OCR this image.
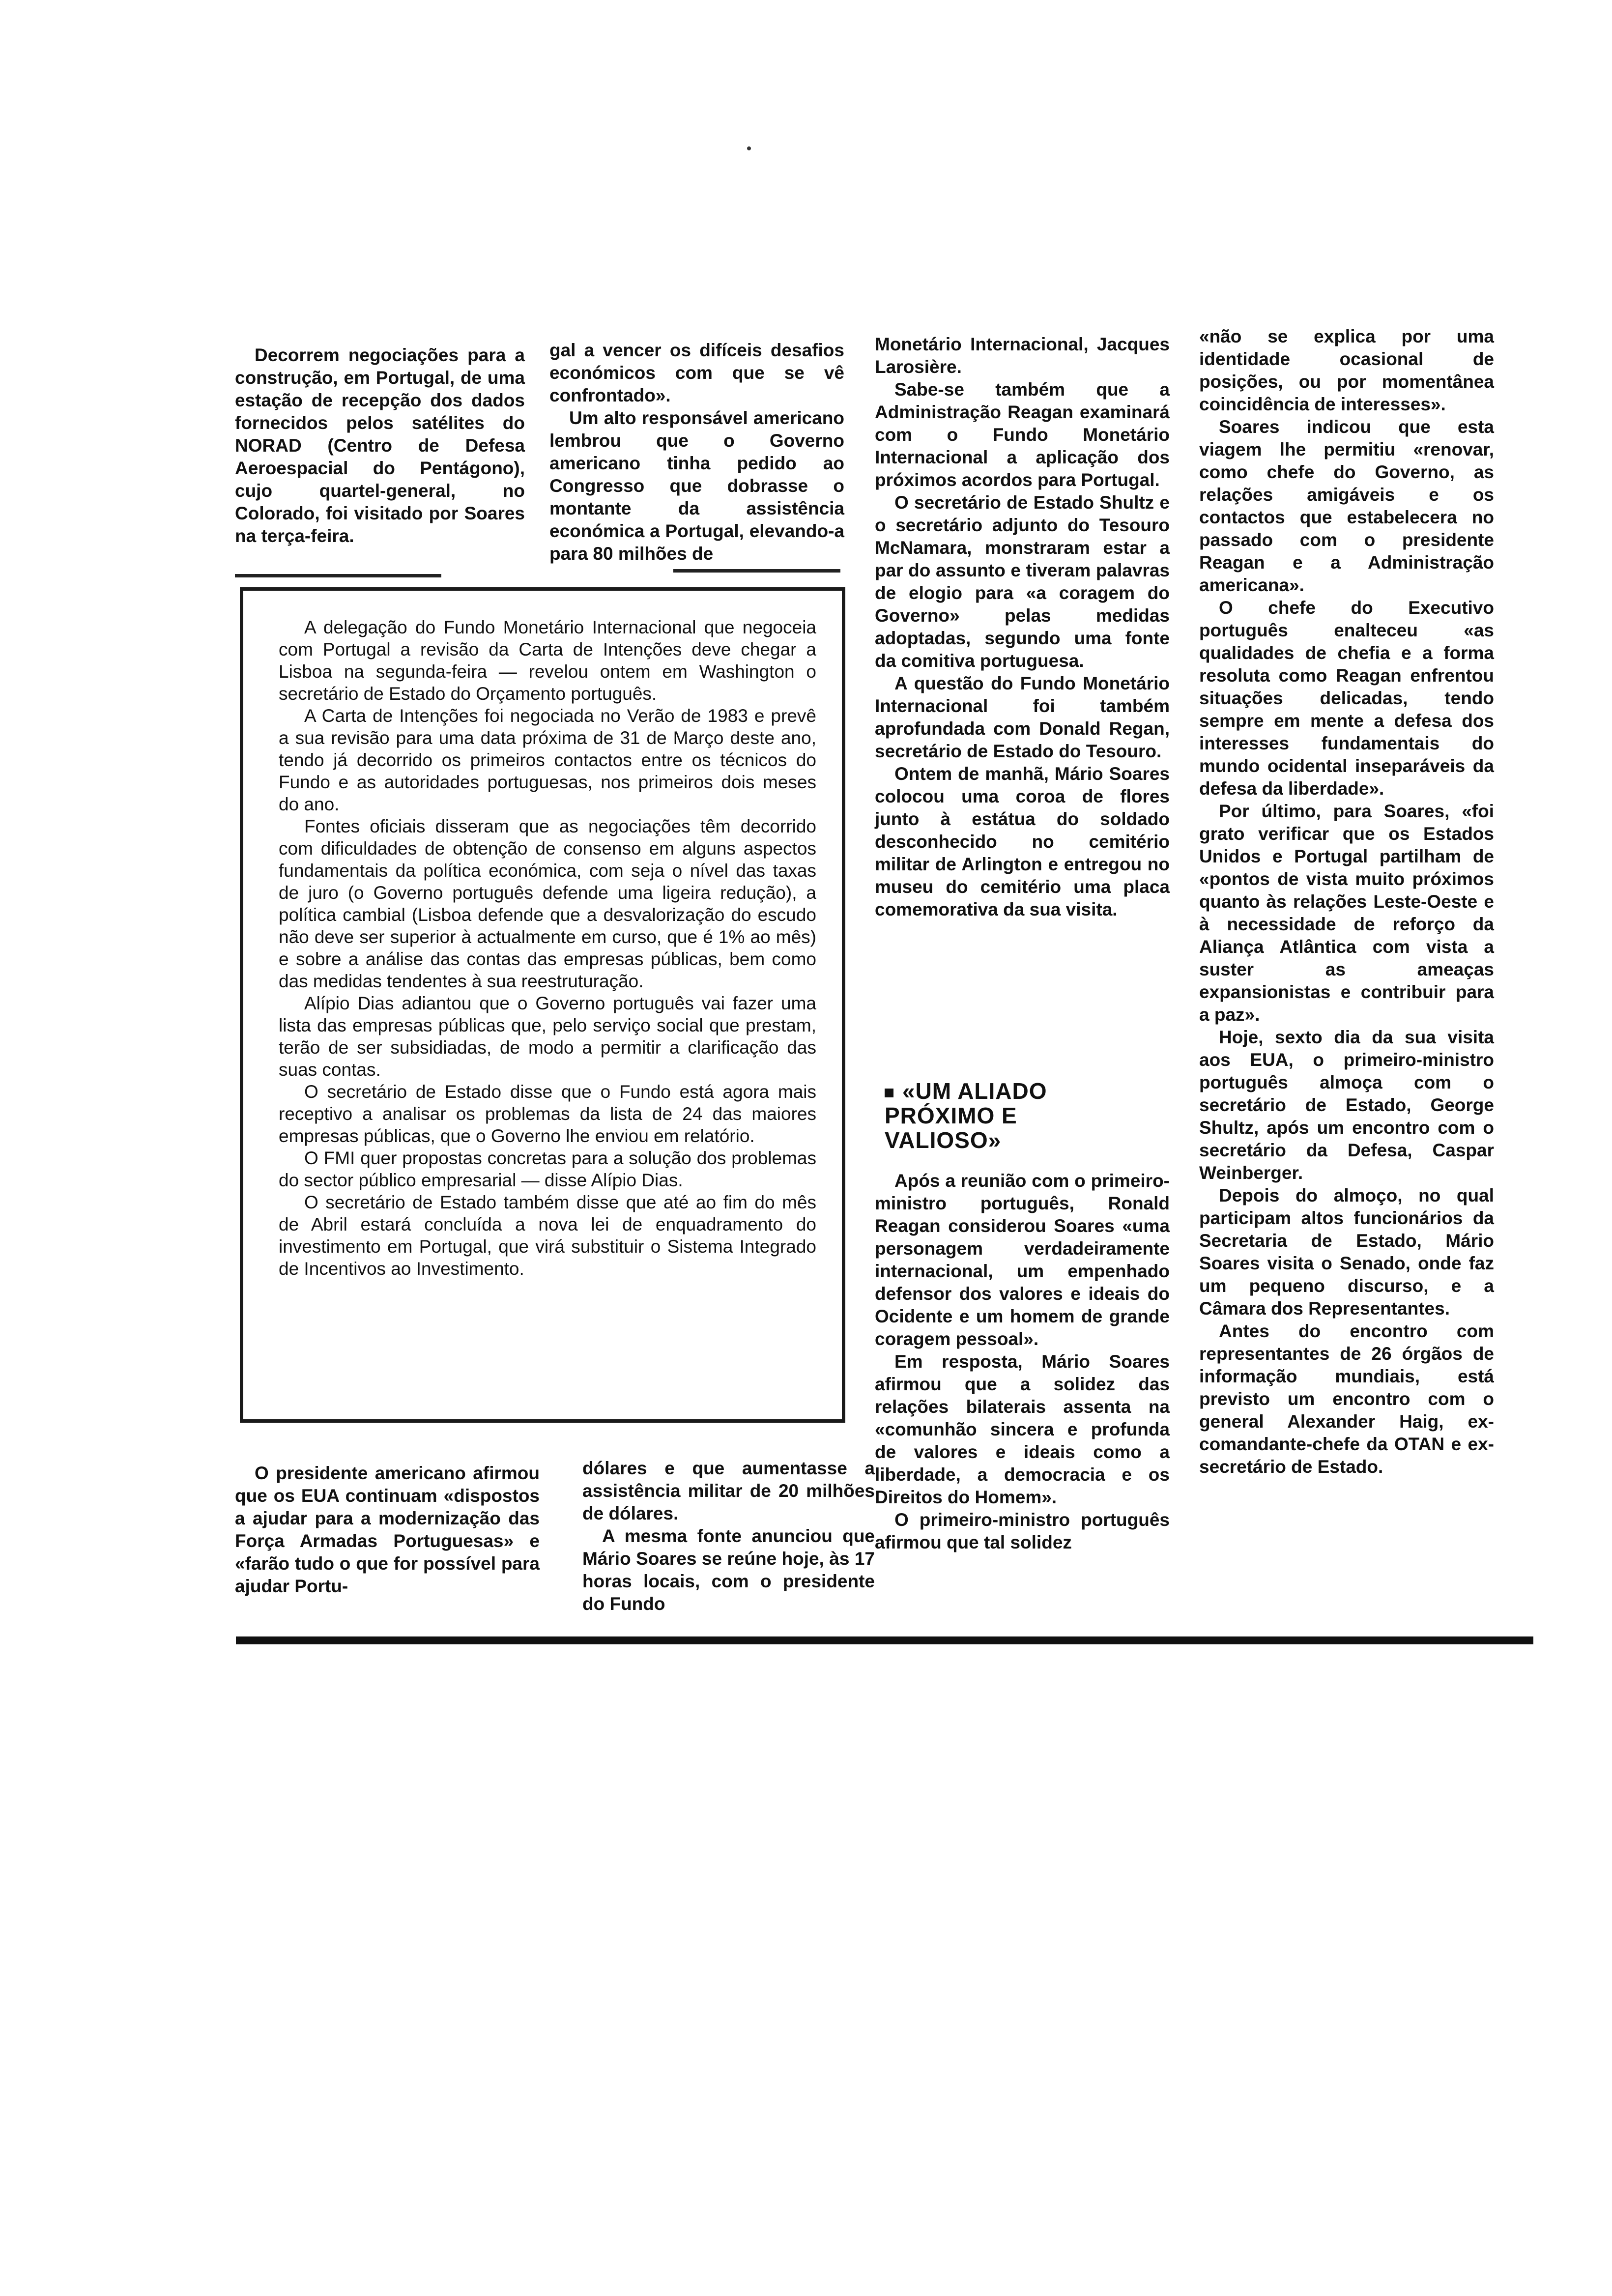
Decorrem negociações para a construção, em Portugal, de uma estação de recepção dos dados fornecidos pelos satélites do NORAD (Centro de Defesa Aeroespacial do Pentágono), cujo quartel-general, no Colorado, foi visitado por Soares na terça-feira.

gal a vencer os difíceis desafios económicos com que se vê confrontado».

Um alto responsável americano lembrou que o Governo americano tinha pedido ao Congresso que dobrasse o montante da assistência económica a Portugal, elevando-a para 80 milhões de

A delegação do Fundo Monetário Internacional que negoceia com Portugal a revisão da Carta de Intenções deve chegar a Lisboa na segunda-feira — revelou ontem em Washington o secretário de Estado do Orçamento português.

A Carta de Intenções foi negociada no Verão de 1983 e prevê a sua revisão para uma data próxima de 31 de Março deste ano, tendo já decorrido os primeiros contactos entre os técnicos do Fundo e as autoridades portuguesas, nos primeiros dois meses do ano.

Fontes oficiais disseram que as negociações têm decorrido com dificuldades de obtenção de consenso em alguns aspectos fundamentais da política económica, com seja o nível das taxas de juro (o Governo português defende uma ligeira redução), a política cambial (Lisboa defende que a desvalorização do escudo não deve ser superior à actualmente em curso, que é 1% ao mês) e sobre a análise das contas das empresas públicas, bem como das medidas tendentes à sua reestruturação.

Alípio Dias adiantou que o Governo português vai fazer uma lista das empresas públicas que, pelo serviço social que prestam, terão de ser subsidiadas, de modo a permitir a clarificação das suas contas.

O secretário de Estado disse que o Fundo está agora mais receptivo a analisar os problemas da lista de 24 das maiores empresas públicas, que o Governo lhe enviou em relatório.

O FMI quer propostas concretas para a solução dos problemas do sector público empresarial — disse Alípio Dias.

O secretário de Estado também disse que até ao fim do mês de Abril estará concluída a nova lei de enquadramento do investimento em Portugal, que virá substituir o Sistema Integrado de Incentivos ao Investimento.

O presidente americano afirmou que os EUA continuam «dispostos a ajudar para a modernização das Força Armadas Portuguesas» e «farão tudo o que for possível para ajudar Portu-

dólares e que aumentasse a assistência militar de 20 milhões de dólares.

A mesma fonte anunciou que Mário Soares se reúne hoje, às 17 horas locais, com o presidente do Fundo

Monetário Internacional, Jacques Larosière.

Sabe-se também que a Administração Reagan examinará com o Fundo Monetário Internacional a aplicação dos próximos acordos para Portugal.

O secretário de Estado Shultz e o secretário adjunto do Tesouro McNamara, monstraram estar a par do assunto e tiveram palavras de elogio para «a coragem do Governo» pelas medidas adoptadas, segundo uma fonte da comitiva portuguesa.

A questão do Fundo Monetário Internacional foi também aprofundada com Donald Regan, secretário de Estado do Tesouro.

Ontem de manhã, Mário Soares colocou uma coroa de flores junto à estátua do soldado desconhecido no cemitério militar de Arlington e entregou no museu do cemitério uma placa comemorativa da sua visita.

«UM ALIADO PRÓXIMO E VALIOSO»

Após a reunião com o primeiro-ministro português, Ronald Reagan considerou Soares «uma personagem verdadeiramente internacional, um empenhado defensor dos valores e ideais do Ocidente e um homem de grande coragem pessoal».

Em resposta, Mário Soares afirmou que a solidez das relações bilaterais assenta na «comunhão sincera e profunda de valores e ideais como a liberdade, a democracia e os Direitos do Homem».

O primeiro-ministro português afirmou que tal solidez

«não se explica por uma identidade ocasional de posições, ou por momentânea coincidência de interesses».

Soares indicou que esta viagem lhe permitiu «renovar, como chefe do Governo, as relações amigáveis e os contactos que estabelecera no passado com o presidente Reagan e a Administração americana».

O chefe do Executivo português enalteceu «as qualidades de chefia e a forma resoluta como Reagan enfrentou situações delicadas, tendo sempre em mente a defesa dos interesses fundamentais do mundo ocidental inseparáveis da defesa da liberdade».

Por último, para Soares, «foi grato verificar que os Estados Unidos e Portugal partilham de «pontos de vista muito próximos quanto às relações Leste-Oeste e à necessidade de reforço da Aliança Atlântica com vista a suster as ameaças expansionistas e contribuir para a paz».

Hoje, sexto dia da sua visita aos EUA, o primeiro-ministro português almoça com o secretário de Estado, George Shultz, após um encontro com o secretário da Defesa, Caspar Weinberger.

Depois do almoço, no qual participam altos funcionários da Secretaria de Estado, Mário Soares visita o Senado, onde faz um pequeno discurso, e a Câmara dos Representantes.

Antes do encontro com representantes de 26 órgãos de informação mundiais, está previsto um encontro com o general Alexander Haig, ex-comandante-chefe da OTAN e ex-secretário de Estado.
